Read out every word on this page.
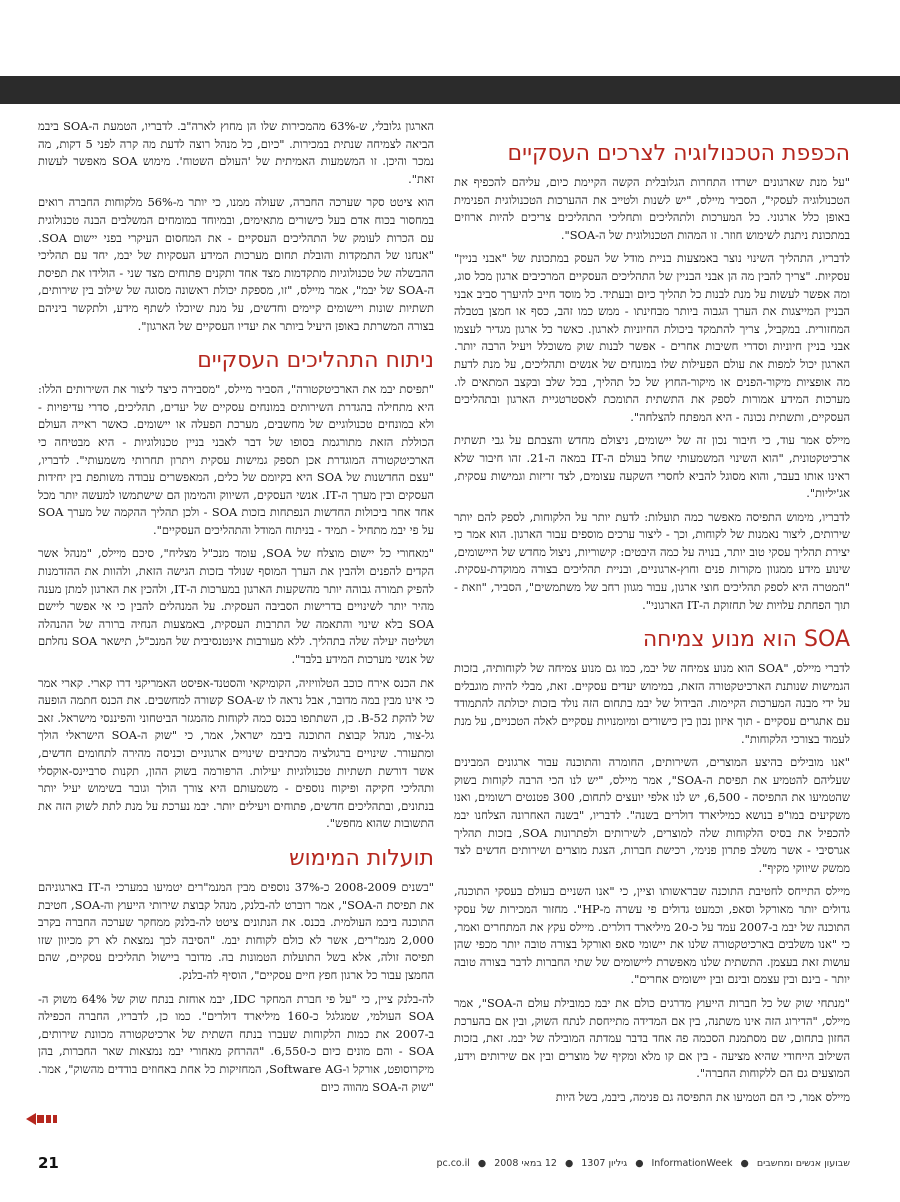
הכפפת הטכנולוגיה לצרכים העסקיים

"על מנת שארגונים ישרדו התחרות הגלובלית הקשה הקיימת כיום, עליהם להכפיף את הטכנולוגיה לעסקי", הסביר מיילס, "יש לשנות ולטייב את ההערכות הטכנולוגית הפנימית באופן כלל ארגוני. כל המערכות ולתהליכים ותחליכי התהליכים צריכים להיות ארוזים במתכונת ניתנת לשימוש חוזר. זו המהות הטכנולוגית של ה-SOA".

לדבריו, התהליך השינוי נוצר באמצעות בניית מודל של העסק במתכונת של "אבני בניין" עסקיות. "צריך להבין מה הן אבני הבניין של התהליכים העסקיים המרכיבים ארגון מכל סוג, ומה אפשר לעשות על מנת לבנות כל תהליך כיום ובעתיד. כל מוסד חייב להיערך סביב אבני הבניין המייצגות את הערך הגבוה ביותר מבחינתו - ממש כמו זהב, כסף או חמצן בטבלה המחזורית. במקביל, צריך להתמקד ביכולת החיוניות לארגון. כאשר כל ארגון מגדיר לעצמו אבני בניין חיוניות וסדרי חשיבות אחרים - אפשר לבנות שוק משוכלל ויעיל הרבה יותר. הארגון יכול למפות את עולם הפעילות שלו במונחים של אנשים ותהליכים, על מנת לדעת מה אופציות מיקור-הפנים או מיקור-החוץ של כל תהליך, בכל שלב ובקצב המתאים לו. מערכות המידע אמורות לספק את התשתית התומכת לאסטרטגיית הארגון ובתהליכים העסקיים, ותשתית נכונה - היא המפתח להצלחה".

מיילס אמר עוד, כי חיבור נכון זה של יישומים, ניצולם מחדש והצבתם על גבי תשתית ארכיטקטונית, "הוא השינוי המשמעותי שחל בעולם ה-IT במאה ה-21. זהו חיבור שלא ראינו אותו בעבר, והוא מסוגל להביא לחסרי השקעה עצומים, לצד זריזות וגמישות עסקית, אג'יליות".

לדבריו, מימוש התפיסה מאפשר כמה תועלות: לדעת יותר על הלקוחות, לספק להם יותר שירותים, ליצור נאמנות של לקוחות, וכך - ליצור ערכים מוספים עבור הארגון. הוא אמר כי יצירת תהליך עסקי טוב יותר, בנויה על כמה היבטים: קישוריות, ניצול מחדש של היישומים, שינוע מידע ממגוון מקורות פנים וחוץ-ארגוניים, ובניית תהליכים בצורה ממוקדת-עסקית. "המטרה היא לספק תהליכים חוצי ארגון, עבור מגוון רחב של משתמשים", הסביר, "וזאת - תוך הפחתת עלויות של תחזוקת ה-IT הארגוני".

SOA הוא מנוע צמיחה

לדברי מיילס, "SOA הוא מנוע צמיחה של יבמ, כמו גם מנוע צמיחה של לקוחותיה, בזכות הגמישות שנותנת הארכיטקטורה הזאת, במימוש יעדים עסקיים. זאת, מבלי להיות מוגבלים על ידי מבנה המערכות הקיימות. הבידול של יבמ בתחום הזה נולד בזכות יכולתה להתמודד עם אתגרים עסקיים - תוך איזון נכון בין כישורים ומיומנויות עסקיים לאלה הטכניים, על מנת לעמוד בצורכי הלקוחות".

"אנו מובילים בהיצע המוצרים, השירותים, החומרה והתוכנה עבור ארגונים המבינים שעליהם להטמיע את תפיסת ה-SOA", אמר מיילס, "יש לנו הכי הרבה לקוחות בשוק שהטמיעו את התפיסה - 6,500, יש לנו אלפי יועצים לתחום, 300 פטנטים רשומים, ואנו משקיעים במו"פ בנושא כמיליארד דולרים בשנה". לדבריו, "בשנה האחרונה הצלחנו יבמ להכפיל את בסיס הלקוחות שלה למוצרים, לשירותים ולפתרונות SOA, בזכות תהליך אגרסיבי - אשר משלב פתרון פנימי, רכישת חברות, הצגת מוצרים ושירותים חדשים לצד ממשק שיווקי מקיף".

מיילס התייחס לחטיבת התוכנה שבראשותו וציין, כי "אנו השניים בעולם בעסקי התוכנה, גדולים יותר מאורקל וסאפ, וכמעט גדולים פי עשרה מ-HP". מחזור המכירות של עסקי התוכנה של יבמ ב-2007 עמד על כ-20 מיליארד דולרים. מיילס עקץ את המתחרים ואמר, כי "אנו משלבים בארכיטקטורה שלנו את יישומי סאפ ואורקל בצורה טובה יותר מכפי שהן עושות זאת בעצמן. התשתית שלנו מאפשרת ליישומים של שתי החברות לדבר בצורה טובה יותר - בינם ובין עצמם ובינם ובין יישומים אחרים".

"מנתחי שוק של כל חברות הייעוץ מדרגים כולם את יבמ כמובילת עולם ה-SOA", אמר מיילס, "הדירוג הזה אינו משתנה, בין אם המדידה מתייחסת לנתח השוק, ובין אם בהערכת החזון בתחום, שם מסתמנת הסכמה פה אחד בדבר עמדתה המובילה של יבמ. זאת, בזכות השילוב הייחודי שהיא מציעה - בין אם קו מלא ומקיף של מוצרים ובין אם שירותים וידע, המוצעים גם הם ללקוחות החברה".

מיילס אמר, כי הם הטמיעו את התפיסה גם פנימה, ביבמ, בשל היות

הארגון גלובלי, ש-63% מהמכירות שלו הן מחוץ לארה"ב. לדבריו, הטמעת ה-SOA ביבמ הביאה לצמיחה שנתית במכירות. "כיום, כל מנהל רוצה לדעת מה קרה לפני 5 דקות, מה נמכר והיכן. זו המשמעות האמיתית של 'העולם השטוח'. מימוש SOA מאפשר לעשות זאת".

הוא ציטט סקר שערכה החברה, שעולה ממנו, כי יותר מ-56% מלקוחות החברה רואים במחסור בכוח אדם בעל כישורים מתאימים, ובמיוחד במומחים המשלבים הבנה טכנולוגית עם הכרות לעומק של התהליכים העסקיים - את המחסום העיקרי בפני יישום SOA. "אנחנו של התמקדות והובלת תחום מערכות המידע העסקיות של יבמ, יחד עם תהליכי ההבשלה של טכנולוגיות מתקדמות מצד אחד ותקנים פתוחים מצד שני - הולידו את תפיסת ה-SOA של יבמ", אמר מיילס, "זו, מספקת יכולת ראשונה מסוגה של שילוב בין שירותים, תשתיות שונות ויישומים קיימים וחדשים, על מנת שיוכלו לשתף מידע, ולתקשר ביניהם בצורה המשרתת באופן היעיל ביותר את יעדיו העסקיים של הארגון".

ניתוח התהליכים העסקיים

"תפיסת יבמ את הארכיטקטורה", הסביר מיילס, "מסבירה כיצד ליצור את השירותים הללו: היא מתחילה בהגדרת השירותים במונחים עסקיים של יעדים, תהליכים, סדרי עדיפויות - ולא במונחים טכנולוגיים של מחשבים, מערכת הפעלה או יישומים. כאשר ראייה העולם הכוללת הזאת מתורגמת בסופו של דבר לאבני בניין טכנולוגיות - היא מבטיחה כי הארכיטקטורה המוגדרת אכן תספק גמישות עסקית ויתרון תחרותי משמעותי". לדבריו, "עצם החדשנות של SOA היא בקיומם של כלים, המאפשרים עבודה משותפת בין יחידות העסקים ובין מערך ה-IT. אנשי העסקים, השיווק והמימון הם שישתמשו למעשה יותר מכל אחד אחר ביכולות החדשות הנפתחות בזכות SOA - ולכן תהליך ההקמה של מערך SOA על פי יבמ מתחיל - תמיד - בניתוח המודל והתהליכים העסקיים".

"מאחורי כל יישום מוצלח של SOA, עומד מנכ"ל מצליח", סיכם מיילס, "מנהל אשר הקדים להפנים ולהבין את הערך המוסף שנולד בזכות הגישה הזאת, ולהוות את ההזדמנות להפיק תמורה גבוהה יותר מהשקעות הארגון במערכות ה-IT, ולהכין את הארגון למתן מענה מהיר יותר לשינויים בדרישות הסביבה העסקית. על המנהלים להבין כי אי אפשר ליישם SOA בלא שינוי והתאמה של התרבות העסקית, באמצעות הנחיה ברורה של ההנהלה ושליטה יעילה שלה בתהליך. ללא מעורבות אינטנסיבית של המנכ"ל, תישאר SOA נחלתם של אנשי מערכות המידע בלבד".

את הכנס אירח כוכב הטלוויזיה, הקומיקאי והסטנד-אפיסט האמריקני דרו קארי. קארי אמר כי אינו מבין במה מדובר, אבל נראה לו ש-SOA קשורה למחשבים. את הכנס חתמה הופעה של להקת B-52. כן, השתתפו בכנס כמה לקוחות מהמגזר הביטחוני והפיננסי מישראל. זאב גל-צור, מנהל קבוצת התוכנה ביבמ ישראל, אמר, כי "שוק ה-SOA הישראלי הולך ומתעורר. שינויים ברגולציה מכתיבים שינויים ארגוניים וכניסה מהירה לתחומים חדשים, אשר דורשת תשתיות טכנולוגיות יעילות. הרפורמה בשוק ההון, תקנות סרביינס-אוקסלי ותהליכי חקיקה ופיקוח נוספים - משמעותם היא צורך הולך וגובר בשימוש יעיל יותר בנתונים, ובתהליכים חדשים, פתוחים ויעילים יותר. יבמ נערכת על מנת לתת לשוק הזה את התשובות שהוא מחפש".

תועלות המימוש

"בשנים 2008-2009 כ-37% נוספים מבין המנמ"רים יטמיעו במערכי ה-IT בארגוניהם את תפיסת ה-SOA", אמר רוברט לה-בלנק, מנהל קבוצת שירותי הייעוץ וה-SOA, חטיבת התוכנה ביבמ העולמית. בכנס. את הנתונים ציטט לה-בלנק ממחקר שערכה החברה בקרב 2,000 מנמ"רים, אשר לא כולם לקוחות יבמ. "הסיבה לכך נמצאת לא רק מכיוון שזו תפיסה זולה, אלא בשל התועלות הטמונות בה. מדובר ביישול תהליכים עסקיים, שהם החמצן עבור כל ארגון חפץ חיים עסקיים", הוסיף לה-בלנק.

לה-בלנק ציין, כי "על פי חברת המחקר IDC, יבמ אוחזת בנתח שוק של 64% משוק ה-SOA העולמי, שמגלגל כ-160 מיליארד דולרים". כמו כן, לדבריו, החברה הכפילה ב-2007 את כמות הלקוחות שעברו בנתח השתית של ארכיטקטורה מכוונת שירותים, SOA - והם מונים כיום כ-6,550. "ההרחק מאחורי יבמ נמצאות שאר החברות, בהן מיקרוסופט, אורקל ו-Software AG, המחזיקות כל אחת באחוזים בודדים מהשוק", אמר. "שוק ה-SOA מהווה כיום

שבועון אנשים ומחשבים
●
InformationWeek
●
גיליון 1307
●
12 במאי 2008
●
pc.co.il
21
